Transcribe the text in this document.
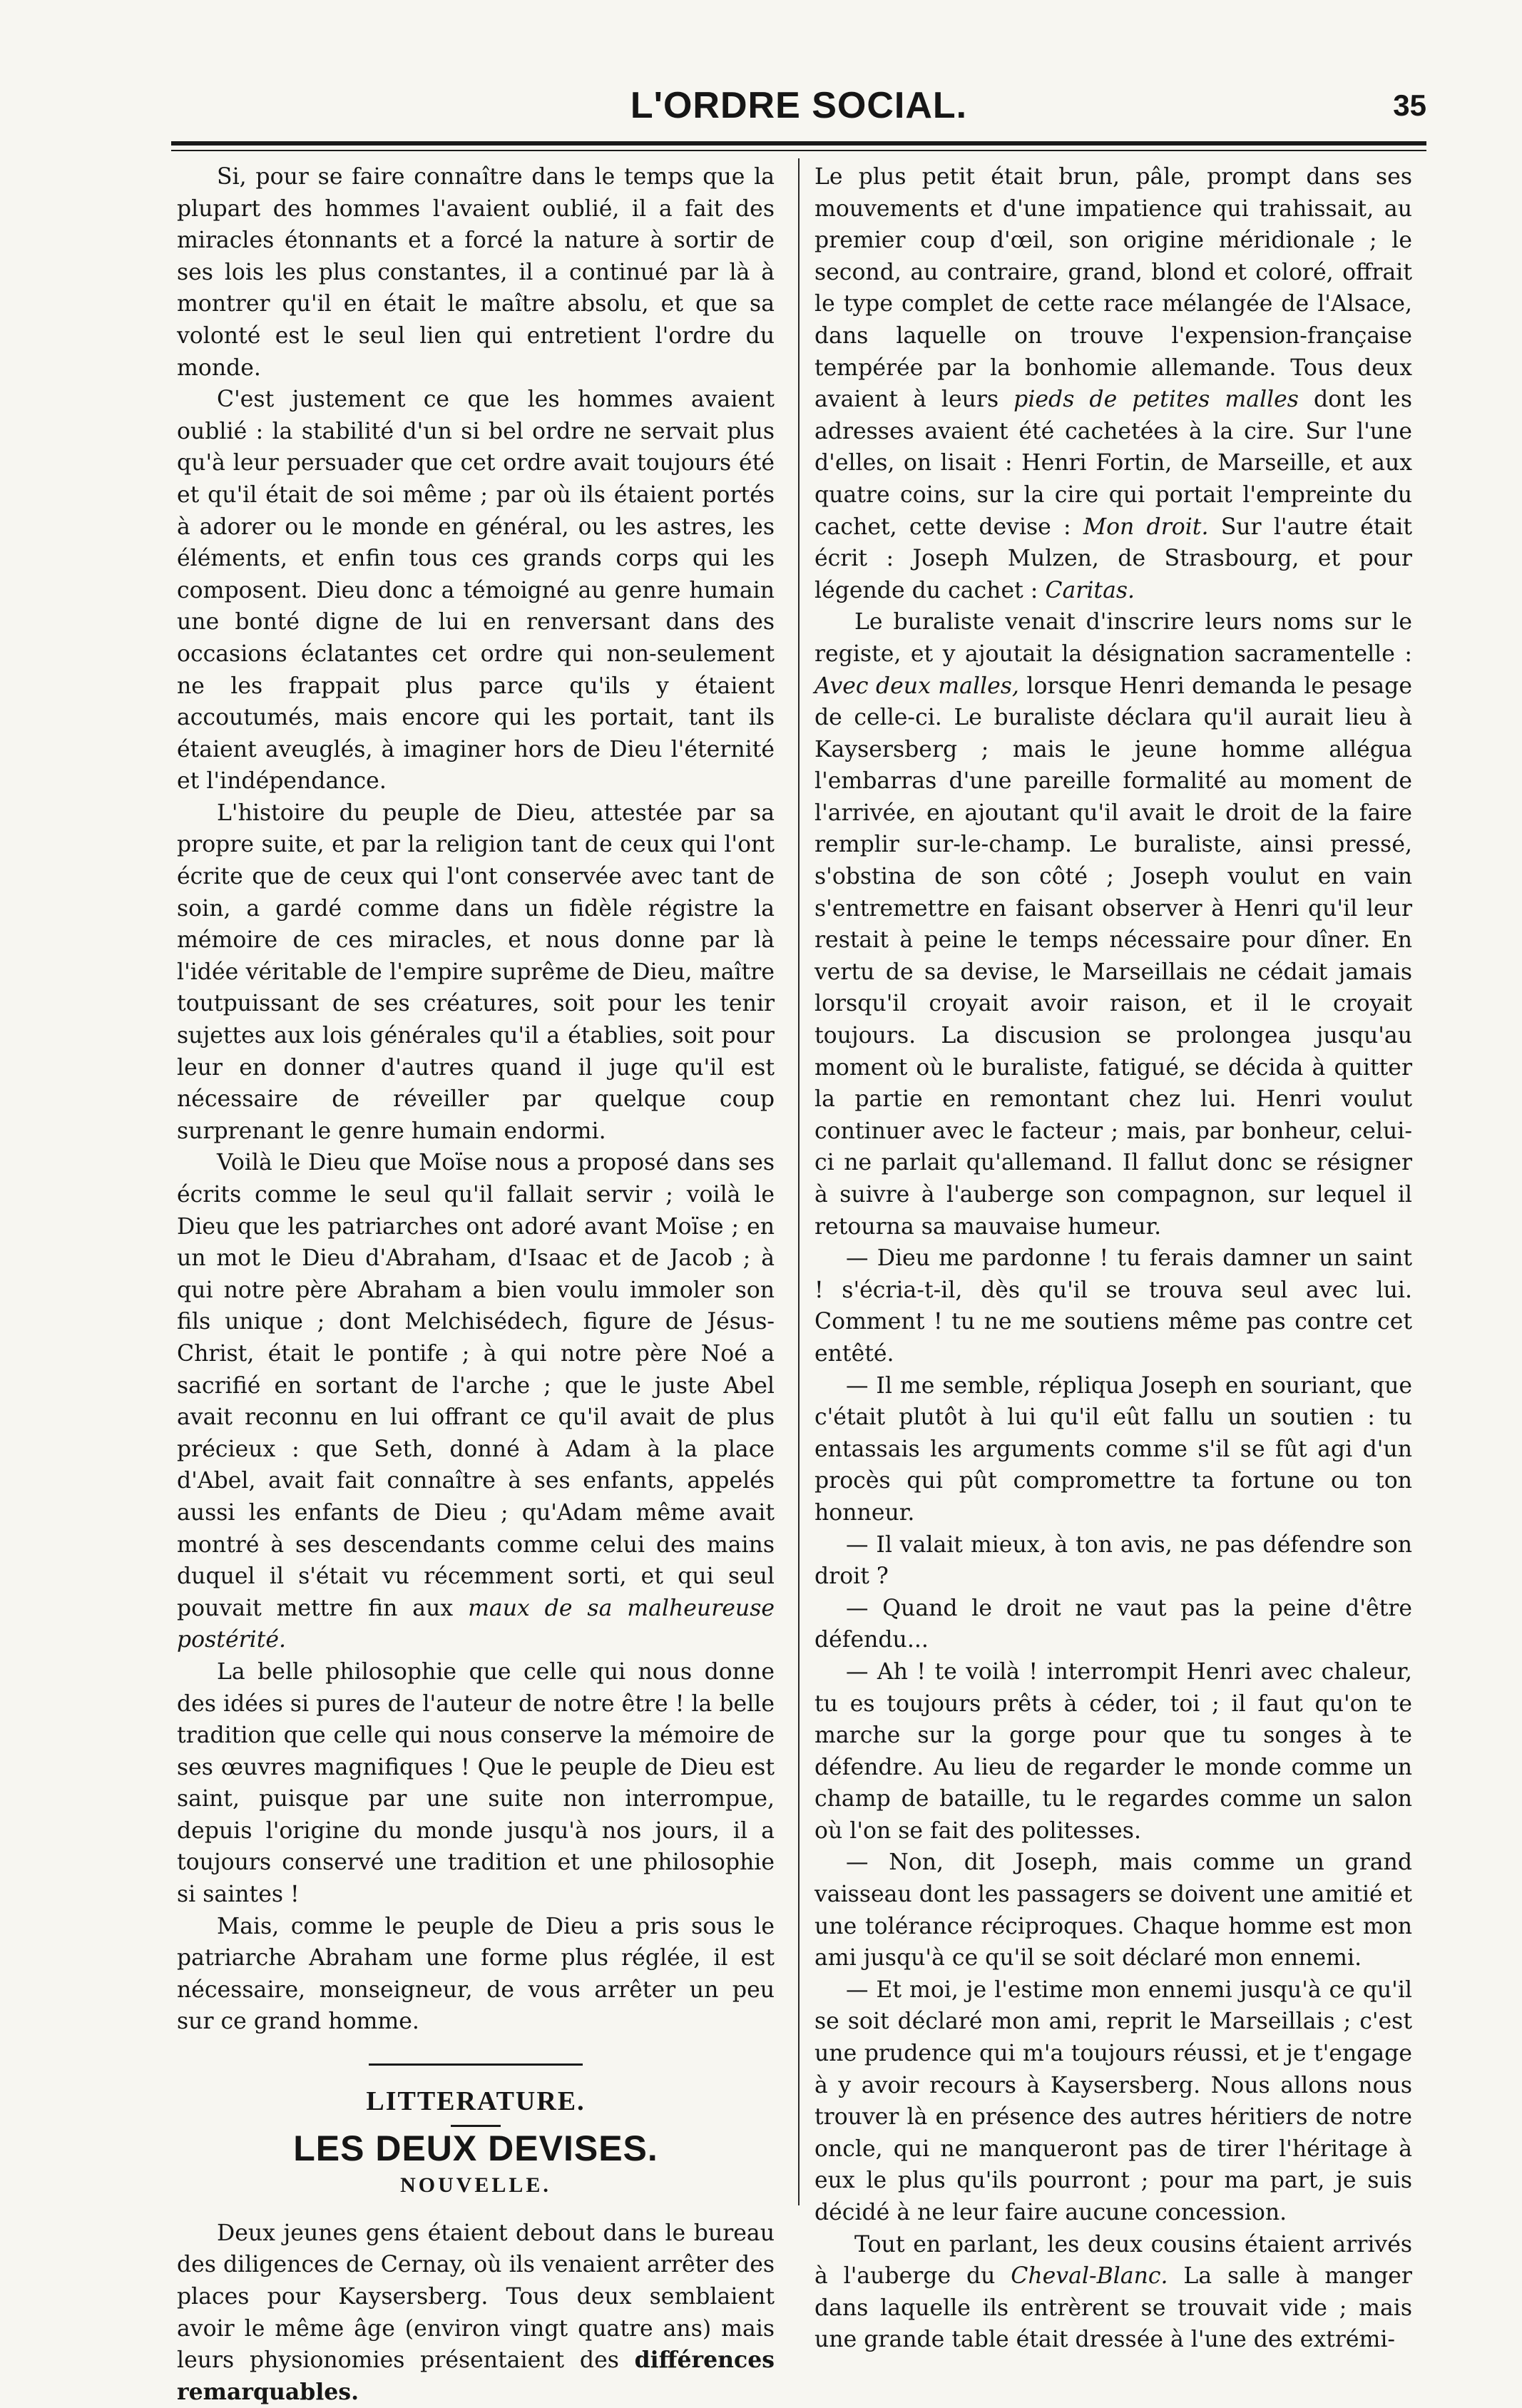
L'ORDRE SOCIAL.	35

Si, pour se faire connaître dans le temps que la plupart des hommes l'avaient oublié, il a fait des miracles étonnants et a forcé la nature à sortir de ses lois les plus constantes, il a continué par là à montrer qu'il en était le maître absolu, et que sa volonté est le seul lien qui entretient l'ordre du monde.

C'est justement ce que les hommes avaient oublié : la stabilité d'un si bel ordre ne servait plus qu'à leur persuader que cet ordre avait toujours été et qu'il était de soi même ; par où ils étaient portés à adorer ou le monde en général, ou les astres, les éléments, et enfin tous ces grands corps qui les composent. Dieu donc a témoigné au genre humain une bonté digne de lui en renversant dans des occasions éclatantes cet ordre qui non-seulement ne les frappait plus parce qu'ils y étaient accoutumés, mais encore qui les portait, tant ils étaient aveuglés, à imaginer hors de Dieu l'éternité et l'indépendance.

L'histoire du peuple de Dieu, attestée par sa propre suite, et par la religion tant de ceux qui l'ont écrite que de ceux qui l'ont conservée avec tant de soin, a gardé comme dans un fidèle régistre la mémoire de ces miracles, et nous donne par là l'idée véritable de l'empire suprême de Dieu, maître toutpuissant de ses créatures, soit pour les tenir sujettes aux lois générales qu'il a établies, soit pour leur en donner d'autres quand il juge qu'il est nécessaire de réveiller par quelque coup surprenant le genre humain endormi.

Voilà le Dieu que Moïse nous a proposé dans ses écrits comme le seul qu'il fallait servir ; voilà le Dieu que les patriarches ont adoré avant Moïse ; en un mot le Dieu d'Abraham, d'Isaac et de Jacob ; à qui notre père Abraham a bien voulu immoler son fils unique ; dont Melchisédech, figure de Jésus-Christ, était le pontife ; à qui notre père Noé a sacrifié en sortant de l'arche ; que le juste Abel avait reconnu en lui offrant ce qu'il avait de plus précieux : que Seth, donné à Adam à la place d'Abel, avait fait connaître à ses enfants, appelés aussi les enfants de Dieu ; qu'Adam même avait montré à ses descendants comme celui des mains duquel il s'était vu récemment sorti, et qui seul pouvait mettre fin aux maux de sa malheureuse postérité.

La belle philosophie que celle qui nous donne des idées si pures de l'auteur de notre être ! la belle tradition que celle qui nous conserve la mémoire de ses œuvres magnifiques ! Que le peuple de Dieu est saint, puisque par une suite non interrompue, depuis l'origine du monde jusqu'à nos jours, il a toujours conservé une tradition et une philosophie si saintes !

Mais, comme le peuple de Dieu a pris sous le patriarche Abraham une forme plus réglée, il est nécessaire, monseigneur, de vous arrêter un peu sur ce grand homme.

LITTERATURE.
LES DEUX DEVISES.
NOUVELLE.

Deux jeunes gens étaient debout dans le bureau des diligences de Cernay, où ils venaient arrêter des places pour Kaysersberg. Tous deux semblaient avoir le même âge (environ vingt quatre ans) mais leurs physionomies présentaient des différences remarquables.

Le plus petit était brun, pâle, prompt dans ses mouvements et d'une impatience qui trahissait, au premier coup d'œil, son origine méridionale ; le second, au contraire, grand, blond et coloré, offrait le type complet de cette race mélangée de l'Alsace, dans laquelle on trouve l'expension-française tempérée par la bonhomie allemande. Tous deux avaient à leurs pieds de petites malles dont les adresses avaient été cachetées à la cire. Sur l'une d'elles, on lisait : Henri Fortin, de Marseille, et aux quatre coins, sur la cire qui portait l'empreinte du cachet, cette devise : Mon droit. Sur l'autre était écrit : Joseph Mulzen, de Strasbourg, et pour légende du cachet : Caritas.

Le buraliste venait d'inscrire leurs noms sur le registe, et y ajoutait la désignation sacramentelle : Avec deux malles, lorsque Henri demanda le pesage de celle-ci. Le buraliste déclara qu'il aurait lieu à Kaysersberg ; mais le jeune homme allégua l'embarras d'une pareille formalité au moment de l'arrivée, en ajoutant qu'il avait le droit de la faire remplir sur-le-champ. Le buraliste, ainsi pressé, s'obstina de son côté ; Joseph voulut en vain s'entremettre en faisant observer à Henri qu'il leur restait à peine le temps nécessaire pour dîner. En vertu de sa devise, le Marseillais ne cédait jamais lorsqu'il croyait avoir raison, et il le croyait toujours. La discusion se prolongea jusqu'au moment où le buraliste, fatigué, se décida à quitter la partie en remontant chez lui. Henri voulut continuer avec le facteur ; mais, par bonheur, celui-ci ne parlait qu'allemand. Il fallut donc se résigner à suivre à l'auberge son compagnon, sur lequel il retourna sa mauvaise humeur.

— Dieu me pardonne ! tu ferais damner un saint ! s'écria-t-il, dès qu'il se trouva seul avec lui. Comment ! tu ne me soutiens même pas contre cet entêté.

— Il me semble, répliqua Joseph en souriant, que c'était plutôt à lui qu'il eût fallu un soutien : tu entassais les arguments comme s'il se fût agi d'un procès qui pût compromettre ta fortune ou ton honneur.

— Il valait mieux, à ton avis, ne pas défendre son droit ?

— Quand le droit ne vaut pas la peine d'être défendu...

— Ah ! te voilà ! interrompit Henri avec chaleur, tu es toujours prêts à céder, toi ; il faut qu'on te marche sur la gorge pour que tu songes à te défendre. Au lieu de regarder le monde comme un champ de bataille, tu le regardes comme un salon où l'on se fait des politesses.

— Non, dit Joseph, mais comme un grand vaisseau dont les passagers se doivent une amitié et une tolérance réciproques. Chaque homme est mon ami jusqu'à ce qu'il se soit déclaré mon ennemi.

— Et moi, je l'estime mon ennemi jusqu'à ce qu'il se soit déclaré mon ami, reprit le Marseillais ; c'est une prudence qui m'a toujours réussi, et je t'engage à y avoir recours à Kaysersberg. Nous allons nous trouver là en présence des autres héritiers de notre oncle, qui ne manqueront pas de tirer l'héritage à eux le plus qu'ils pourront ; pour ma part, je suis décidé à ne leur faire aucune concession.

Tout en parlant, les deux cousins étaient arrivés à l'auberge du Cheval-Blanc. La salle à manger dans laquelle ils entrèrent se trouvait vide ; mais une grande table était dressée à l'une des extrémi-
